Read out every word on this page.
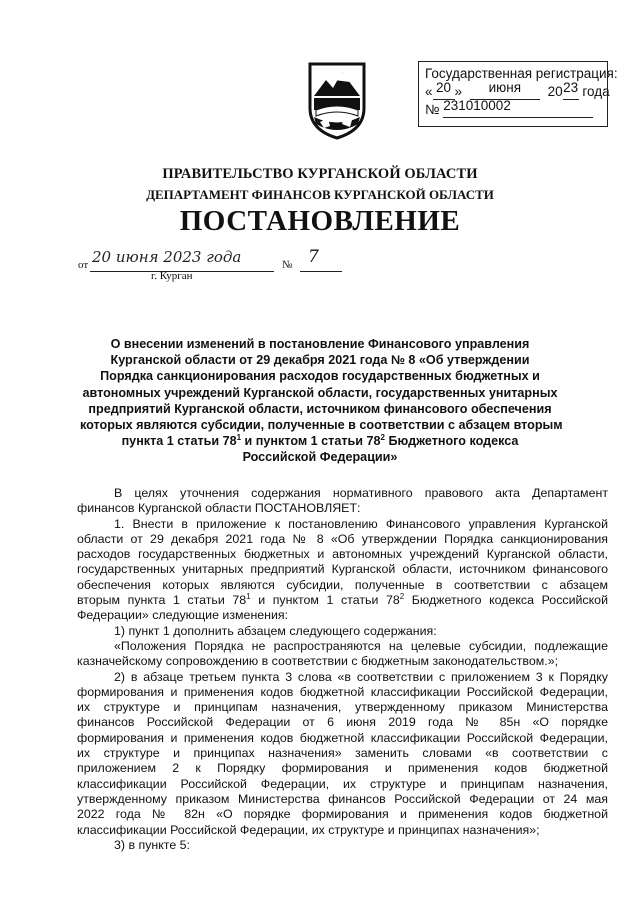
Государственная регистрация:
« 20 » июня 2023 года
№ 231010002
ПРАВИТЕЛЬСТВО КУРГАНСКОЙ ОБЛАСТИ
ДЕПАРТАМЕНТ ФИНАНСОВ КУРГАНСКОЙ ОБЛАСТИ
ПОСТАНОВЛЕНИЕ
от 20 июня 2023 года	№ 7
г. Курган

О внесении изменений в постановление Финансового управления

Курганской области от 29 декабря 2021 года № 8 «Об утверждении

Порядка санкционирования расходов государственных бюджетных и

автономных учреждений Курганской области, государственных унитарных

предприятий Курганской области, источником финансового обеспечения

которых являются субсидии, полученные в соответствии с абзацем вторым

пункта 1 статьи $78^1$ и пунктом 1 статьи $78^2$ Бюджетного кодекса

Российской Федерации»

В целях уточнения содержания нормативного правового акта Департамент

финансов Курганской области ПОСТАНОВЛЯЕТ:

1. Внести в приложение к постановлению Финансового управления Курганской

области от 29 декабря 2021 года № 8 «Об утверждении Порядка санкционирования

расходов государственных бюджетных и автономных учреждений Курганской области,

государственных унитарных предприятий Курганской области, источником финансового

обеспечения которых являются субсидии, полученные в соответствии с абзацем

вторым пункта 1 статьи $78^1$ и пунктом 1 статьи $78^2$ Бюджетного кодекса Российской

Федерации» следующие изменения:

1) пункт 1 дополнить абзацем следующего содержания:

«Положения Порядка не распространяются на целевые субсидии, подлежащие

казначейскому сопровождению в соответствии с бюджетным законодательством.»;

2) в абзаце третьем пункта 3 слова «в соответствии с приложением 3 к Порядку

формирования и применения кодов бюджетной классификации Российской Федерации,

их структуре и принципам назначения, утвержденному приказом Министерства

финансов Российской Федерации от 6 июня 2019 года № 85н «О порядке

формирования и применения кодов бюджетной классификации Российской Федерации,

их структуре и принципах назначения» заменить словами «в соответствии с

приложением 2 к Порядку формирования и применения кодов бюджетной

классификации Российской Федерации, их структуре и принципам назначения,

утвержденному приказом Министерства финансов Российской Федерации от 24 мая

2022 года № 82н «О порядке формирования и применения кодов бюджетной

классификации Российской Федерации, их структуре и принципах назначения»;

3) в пункте 5:
